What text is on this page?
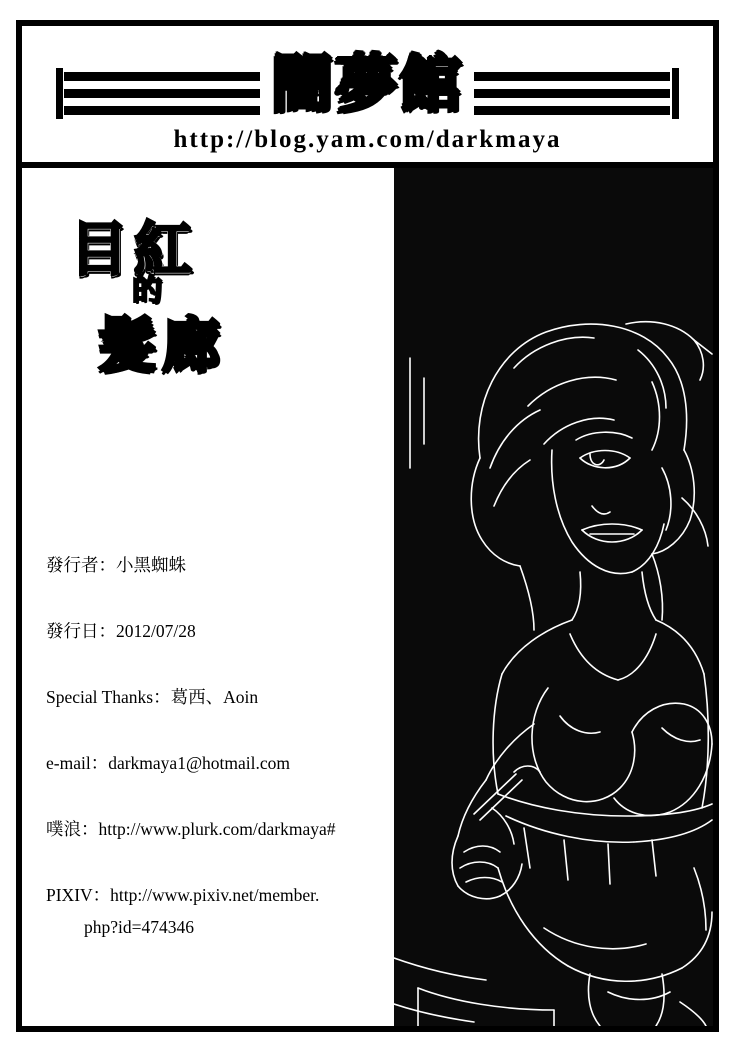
闇夢館
http://blog.yam.com/darkmaya
目紅
的
髮廊
發行者：小黑蜘蛛
發行日：2012/07/28
Special Thanks：葛西、Aoin
e-mail：darkmaya1@hotmail.com
噗浪：http://www.plurk.com/darkmaya#
PIXIV：http://www.pixiv.net/member.
php?id=474346
